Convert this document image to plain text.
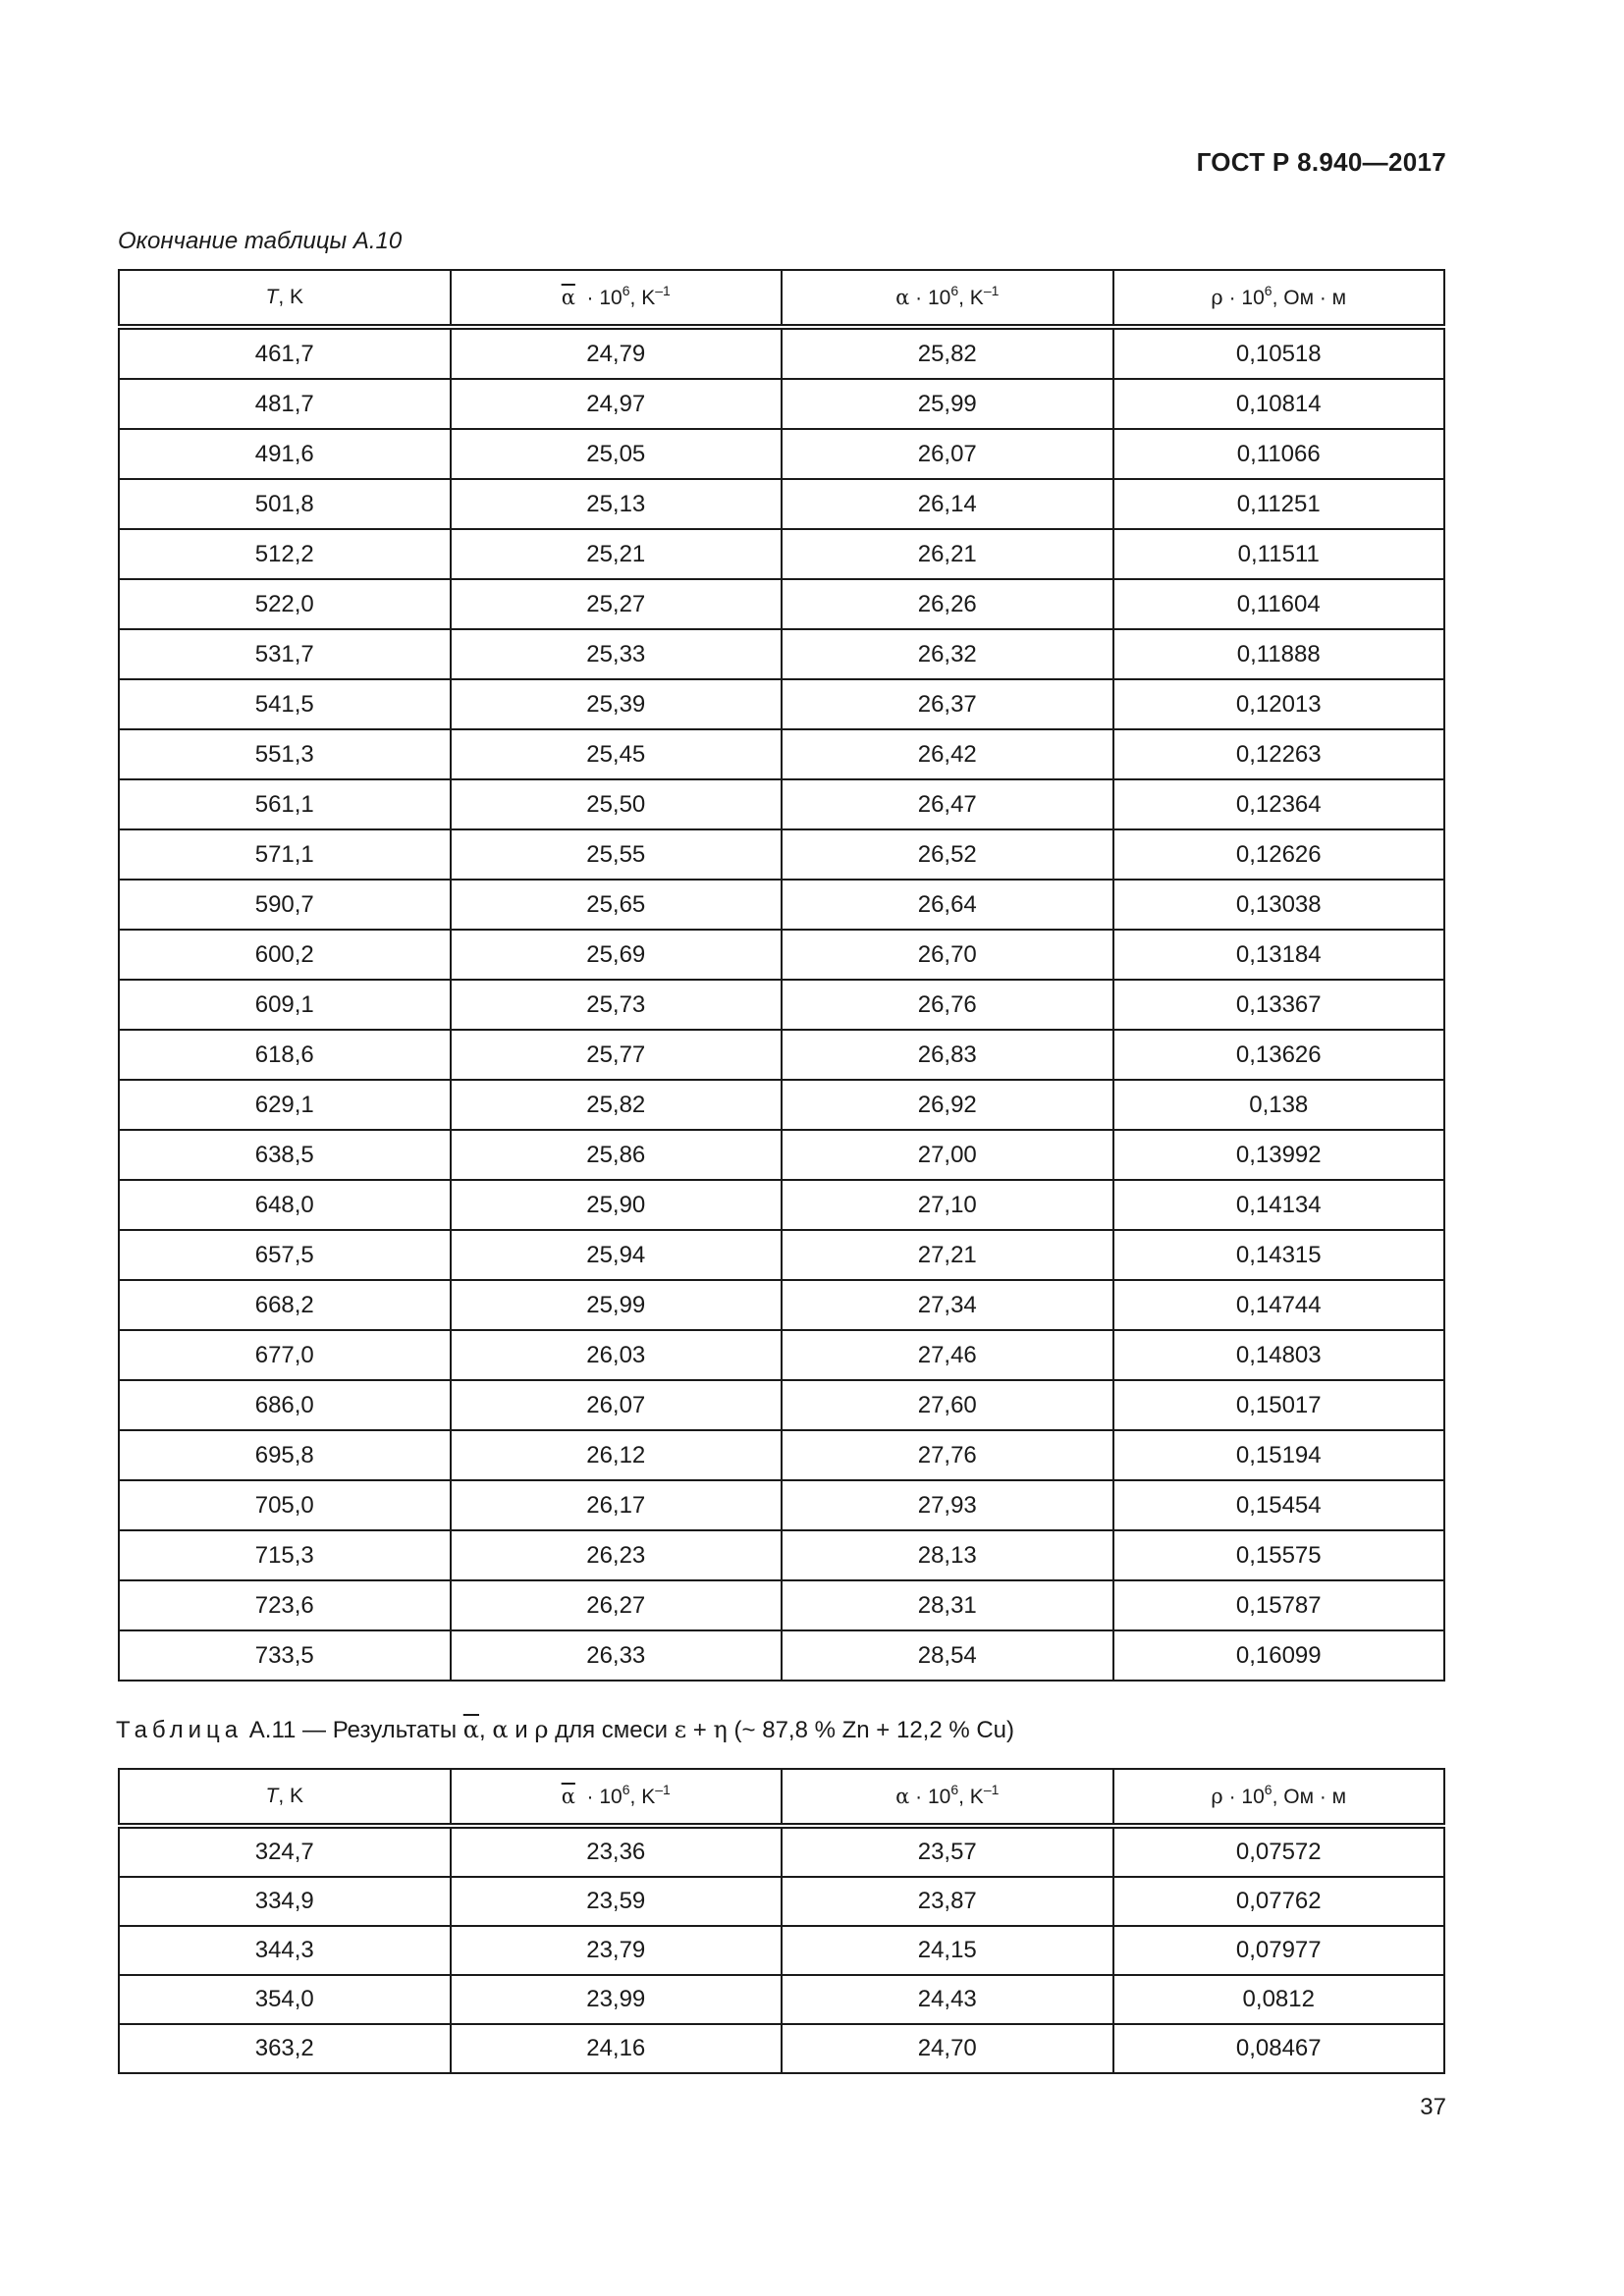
ГОСТ Р 8.940—2017
Окончание таблицы А.10
T, K	$\overline{\alpha} \cdot 10^6$, $K^{-1}$	$\alpha \cdot 10^6$, $K^{-1}$	$\rho \cdot 10^6$, Ом · м
461,7	24,79	25,82	0,10518
481,7	24,97	25,99	0,10814
491,6	25,05	26,07	0,11066
501,8	25,13	26,14	0,11251
512,2	25,21	26,21	0,11511
522,0	25,27	26,26	0,11604
531,7	25,33	26,32	0,11888
541,5	25,39	26,37	0,12013
551,3	25,45	26,42	0,12263
561,1	25,50	26,47	0,12364
571,1	25,55	26,52	0,12626
590,7	25,65	26,64	0,13038
600,2	25,69	26,70	0,13184
609,1	25,73	26,76	0,13367
618,6	25,77	26,83	0,13626
629,1	25,82	26,92	0,138
638,5	25,86	27,00	0,13992
648,0	25,90	27,10	0,14134
657,5	25,94	27,21	0,14315
668,2	25,99	27,34	0,14744
677,0	26,03	27,46	0,14803
686,0	26,07	27,60	0,15017
695,8	26,12	27,76	0,15194
705,0	26,17	27,93	0,15454
715,3	26,23	28,13	0,15575
723,6	26,27	28,31	0,15787
733,5	26,33	28,54	0,16099
Таблица А.11 — Результаты $\overline{\alpha}$, α и ρ для смеси ε + η (~ 87,8 % Zn + 12,2 % Cu)
T, K	$\overline{\alpha} \cdot 10^6$, $K^{-1}$	$\alpha \cdot 10^6$, $K^{-1}$	$\rho \cdot 10^6$, Ом · м
324,7	23,36	23,57	0,07572
334,9	23,59	23,87	0,07762
344,3	23,79	24,15	0,07977
354,0	23,99	24,43	0,0812
363,2	24,16	24,70	0,08467
37
